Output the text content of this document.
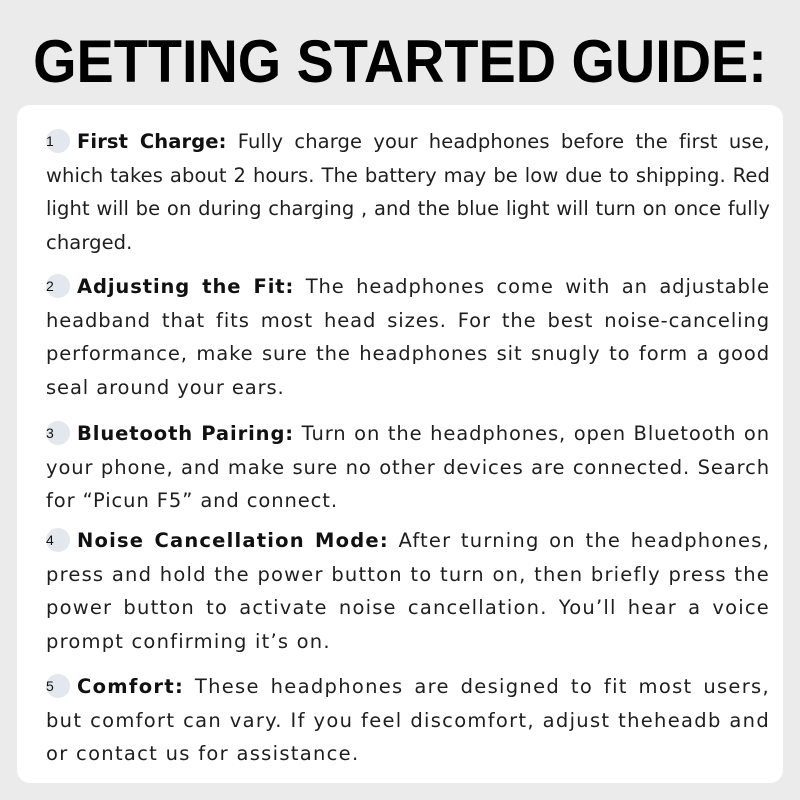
GETTING STARTED GUIDE:
1 First Charge: Fully charge your headphones before the first use, which takes about 2 hours. The battery may be low due to shipping. Red light will be on during charging , and the blue light will turn on once fully charged.
2 Adjusting the Fit: The headphones come with an adjustable headband that fits most head sizes. For the best noise-canceling performance, make sure the headphones sit snugly to form a good seal around your ears.
3 Bluetooth Pairing: Turn on the headphones, open Bluetooth on your phone, and make sure no other devices are connected. Search for “Picun F5” and connect.
4 Noise Cancellation Mode: After turning on the headphones, press and hold the power button to turn on, then briefly press the power button to activate noise cancellation. You’ll hear a voice prompt confirming it’s on.
5 Comfort: These headphones are designed to fit most users, but comfort can vary. If you feel discomfort, adjust theheadb and or contact us for assistance.
